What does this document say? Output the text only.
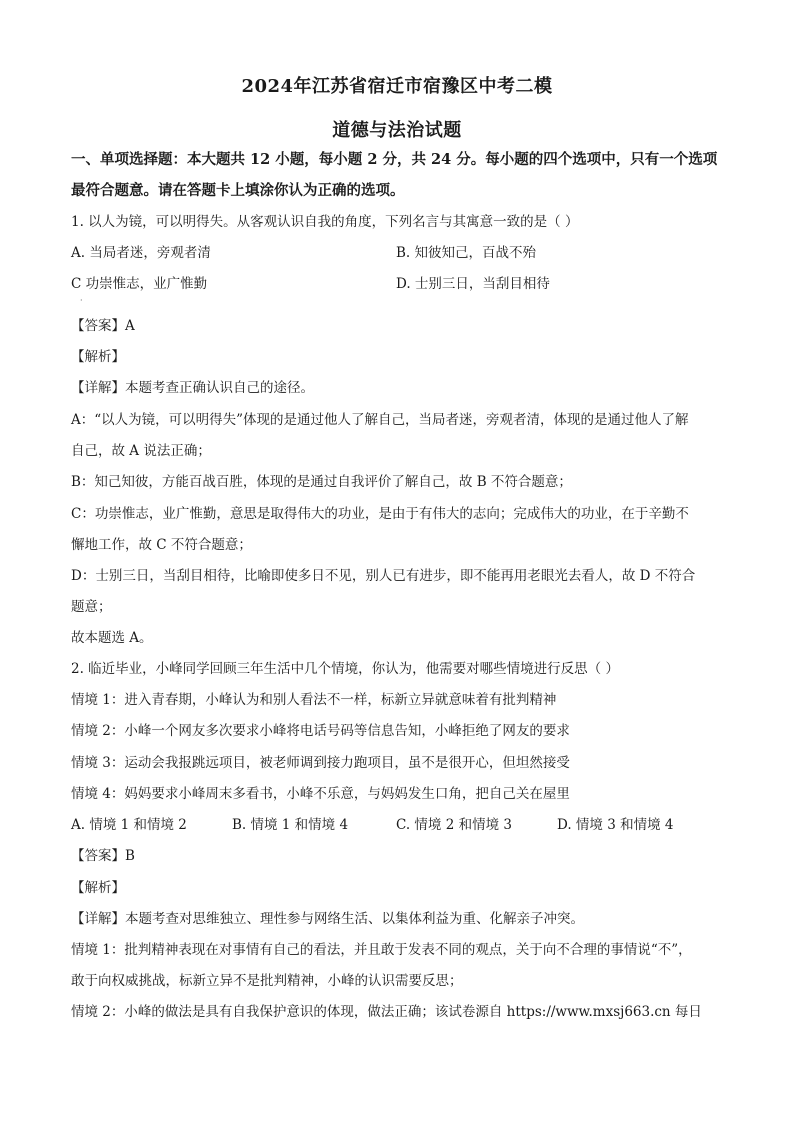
2024年江苏省宿迁市宿豫区中考二模
道德与法治试题
一、单项选择题：本大题共 12 小题，每小题 2 分，共 24 分。每小题的四个选项中，只有一个选项最符合题意。请在答题卡上填涂你认为正确的选项。
1. 以人为镜，可以明得失。从客观认识自我的角度，下列名言与其寓意一致的是（ ）
A. 当局者迷，旁观者清	B. 知彼知己，百战不殆
C 功崇惟志，业广惟勤	D. 士别三日，当刮目相待
·
【答案】A
【解析】
【详解】本题考查正确认识自己的途径。
A：“以人为镜，可以明得失”体现的是通过他人了解自己，当局者迷，旁观者清，体现的是通过他人了解
自己，故 A 说法正确；
B：知己知彼，方能百战百胜，体现的是通过自我评价了解自己，故 B 不符合题意；
C：功崇惟志，业广惟勤，意思是取得伟大的功业，是由于有伟大的志向；完成伟大的功业，在于辛勤不
懈地工作，故 C 不符合题意；
D：士别三日，当刮目相待，比喻即使多日不见，别人已有进步，即不能再用老眼光去看人，故 D 不符合
题意；
故本题选 A。
2. 临近毕业，小峰同学回顾三年生活中几个情境，你认为，他需要对哪些情境进行反思（ ）
情境 1：进入青春期，小峰认为和别人看法不一样，标新立异就意味着有批判精神
情境 2：小峰一个网友多次要求小峰将电话号码等信息告知，小峰拒绝了网友的要求
情境 3：运动会我报跳远项目，被老师调到接力跑项目，虽不是很开心，但坦然接受
情境 4：妈妈要求小峰周末多看书，小峰不乐意，与妈妈发生口角，把自己关在屋里
A. 情境 1 和情境 2	B. 情境 1 和情境 4	C. 情境 2 和情境 3	D. 情境 3 和情境 4
【答案】B
【解析】
【详解】本题考查对思维独立、理性参与网络生活、以集体利益为重、化解亲子冲突。
情境 1：批判精神表现在对事情有自己的看法，并且敢于发表不同的观点，关于向不合理的事情说“不”，
敢于向权威挑战，标新立异不是批判精神，小峰的认识需要反思；
情境 2：小峰的做法是具有自我保护意识的体现，做法正确；该试卷源自 https://www.mxsj663.cn 每日
